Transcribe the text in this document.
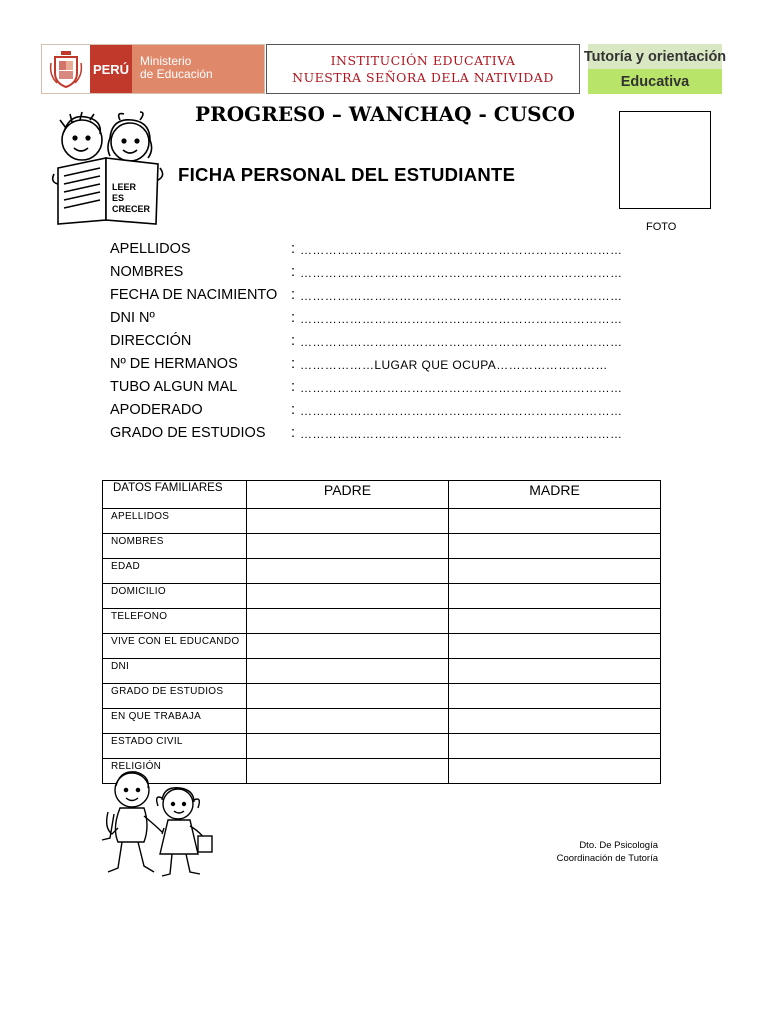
PERÚ
Ministerio
de Educación
INSTITUCIÓN EDUCATIVA
NUESTRA SEÑORA DELA NATIVIDAD
Tutoría y orientación
Educativa
LEER
ES
CRECER
PROGRESO – WANCHAQ - CUSCO
FICHA PERSONAL DEL ESTUDIANTE
FOTO
APELLIDOS	: ……………………………………………………………………
NOMBRES	: ……………………………………………………………………
FECHA DE NACIMIENTO : ……………………………………………………………………
DNI Nº	: ……………………………………………………………………
DIRECCIÓN	: ……………………………………………………………………
Nº DE HERMANOS	: ………………LUGAR QUE OCUPA………………………
TUBO ALGUN MAL	: ……………………………………………………………………
APODERADO	: ……………………………………………………………………
GRADO DE ESTUDIOS : ……………………………………………………………………
DATOS FAMILIARES	PADRE	MADRE
APELLIDOS		
NOMBRES		
EDAD		
DOMICILIO		
TELEFONO		
VIVE CON EL EDUCANDO		
DNI		
GRADO DE ESTUDIOS		
EN QUE TRABAJA		
ESTADO CIVIL		
RELIGIÓN		
Dto. De Psicología
Coordinación de Tutoría
